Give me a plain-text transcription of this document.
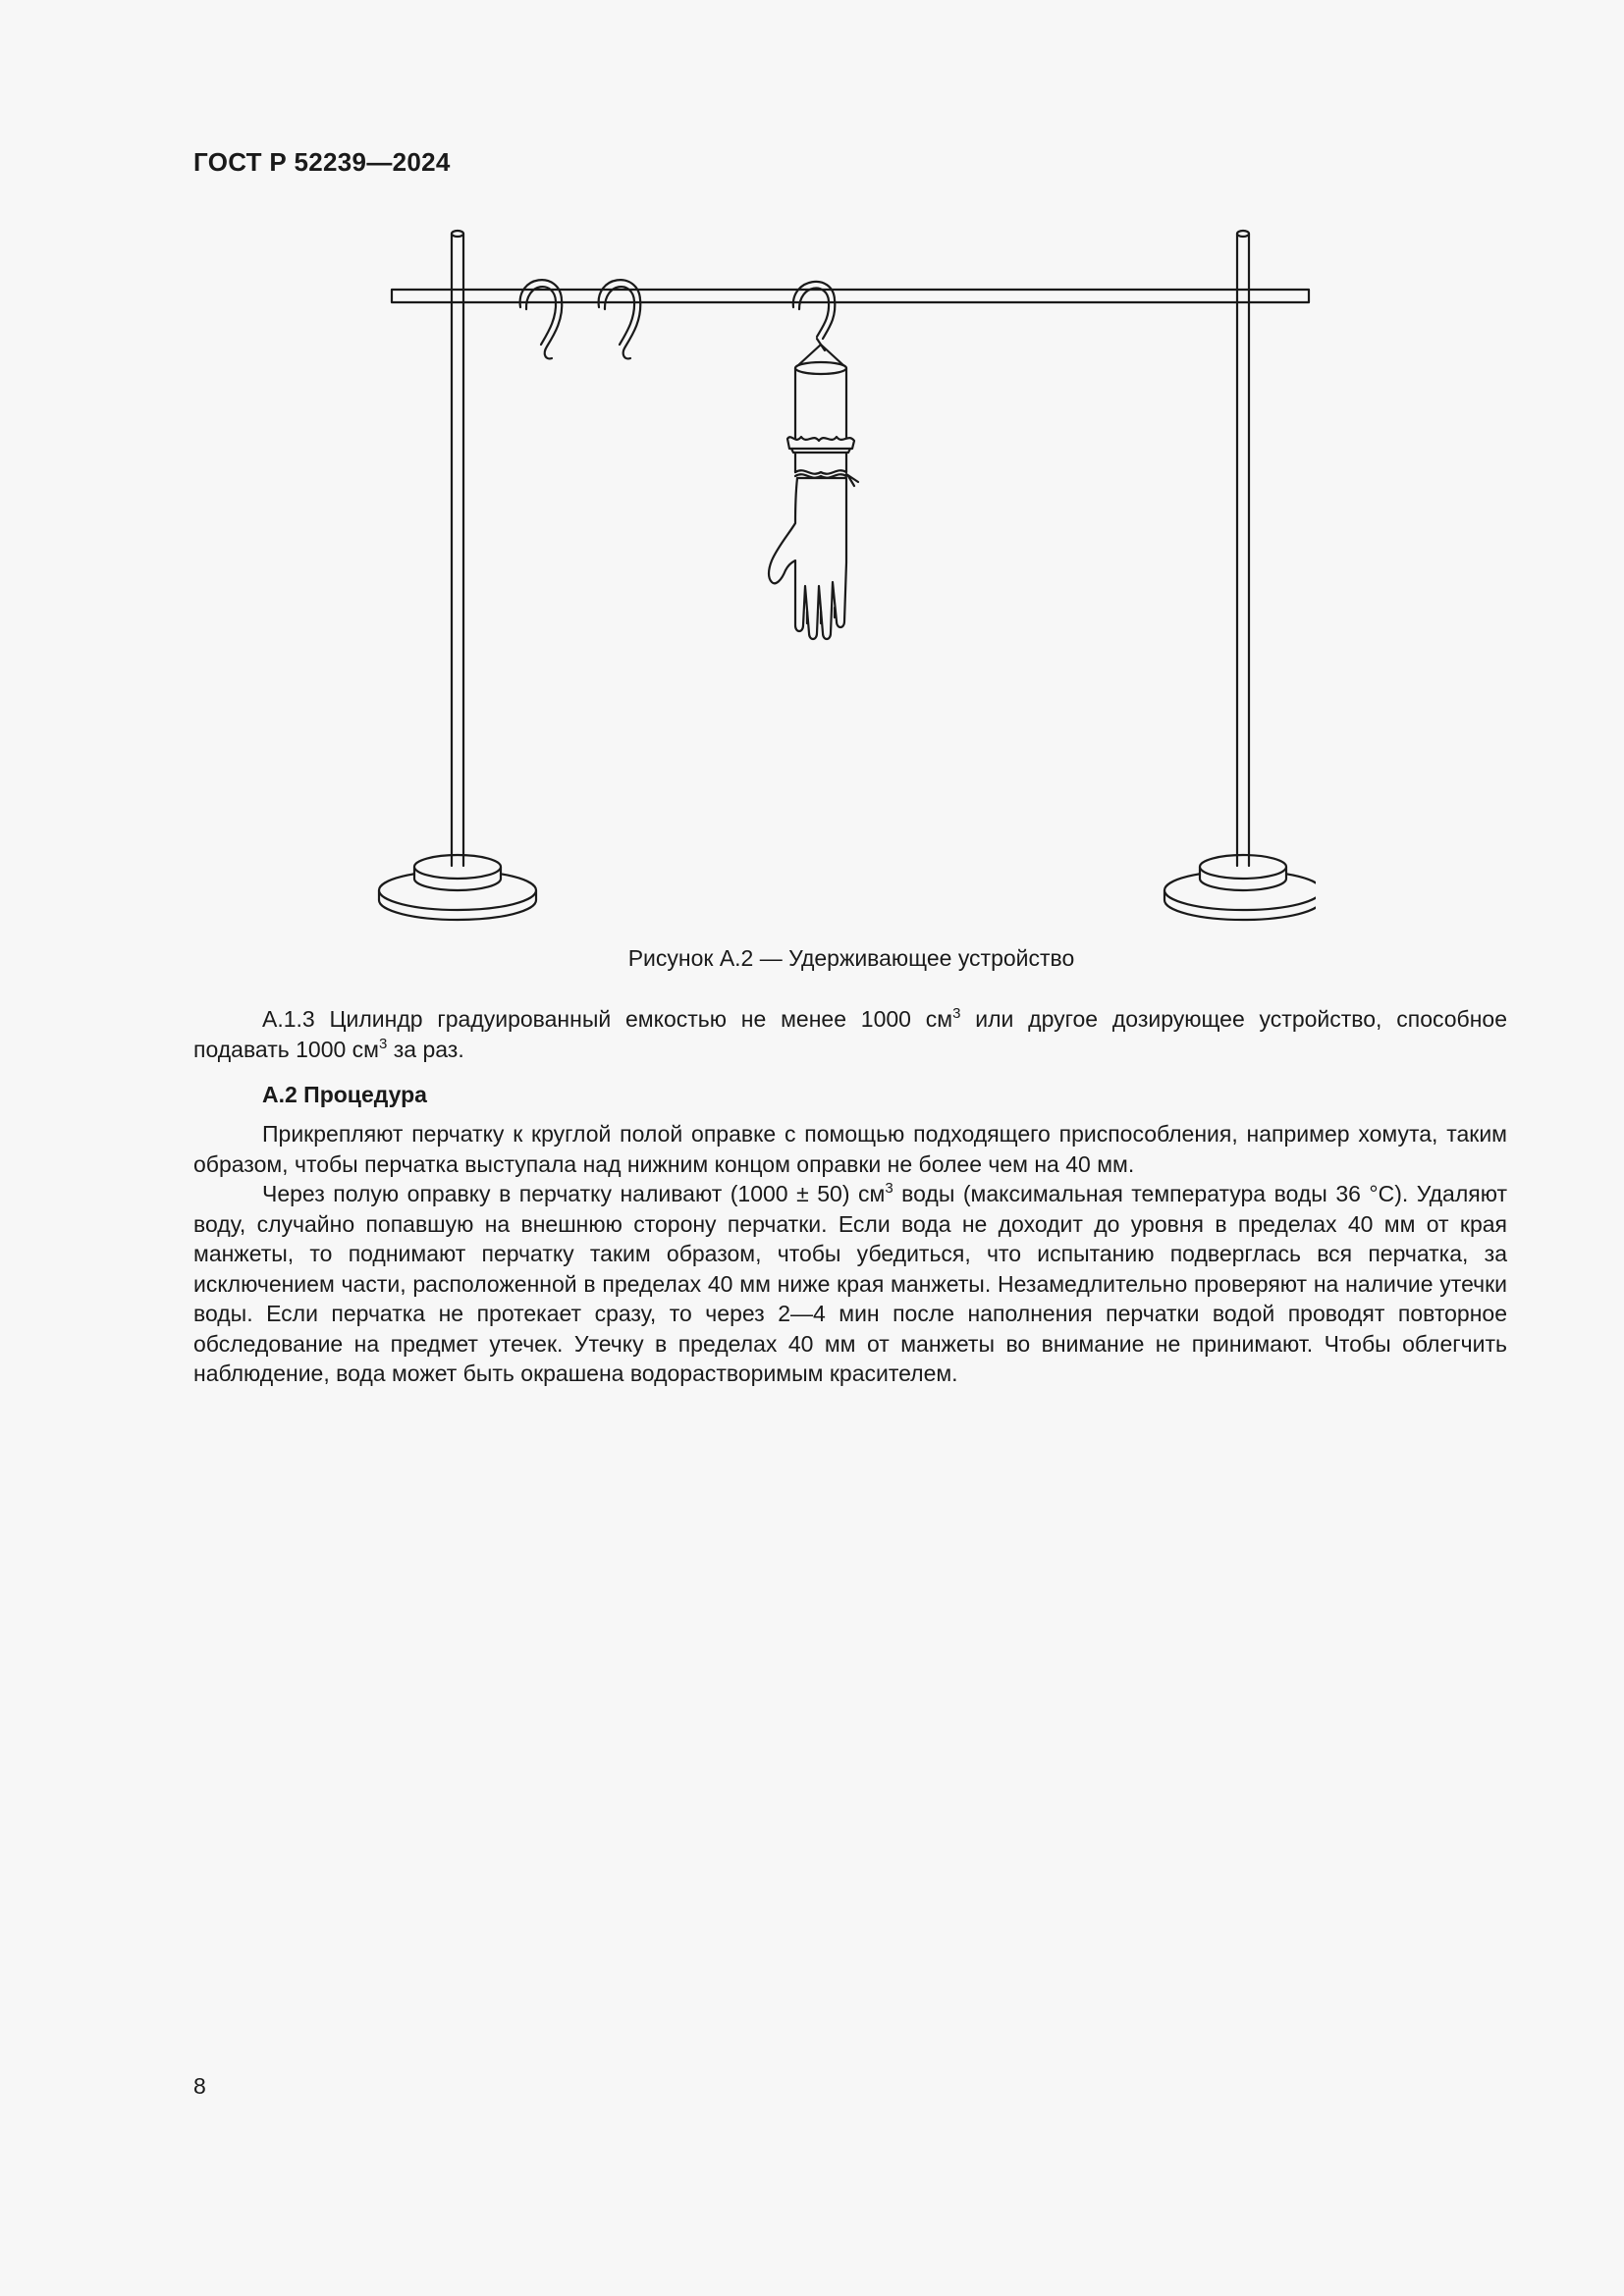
ГОСТ Р 52239—2024
Рисунок А.2 — Удерживающее устройство

А.1.3 Цилиндр градуированный емкостью не менее 1000 $см^3$ или другое дозирующее устройство, способное подавать 1000 $см^3$ за раз.

А.2 Процедура

Прикрепляют перчатку к круглой полой оправке с помощью подходящего приспособления, например хомута, таким образом, чтобы перчатка выступала над нижним концом оправки не более чем на 40 мм.

Через полую оправку в перчатку наливают (1000 ± 50) $см^3$ воды (максимальная температура воды 36 °С). Удаляют воду, случайно попавшую на внешнюю сторону перчатки. Если вода не доходит до уровня в пределах 40 мм от края манжеты, то поднимают перчатку таким образом, чтобы убедиться, что испытанию подверглась вся перчатка, за исключением части, расположенной в пределах 40 мм ниже края манжеты. Незамедлительно проверяют на наличие утечки воды. Если перчатка не протекает сразу, то через 2—4 мин после наполнения перчатки водой проводят повторное обследование на предмет утечек. Утечку в пределах 40 мм от манжеты во внимание не принимают. Чтобы облегчить наблюдение, вода может быть окрашена водорастворимым красителем.

8
